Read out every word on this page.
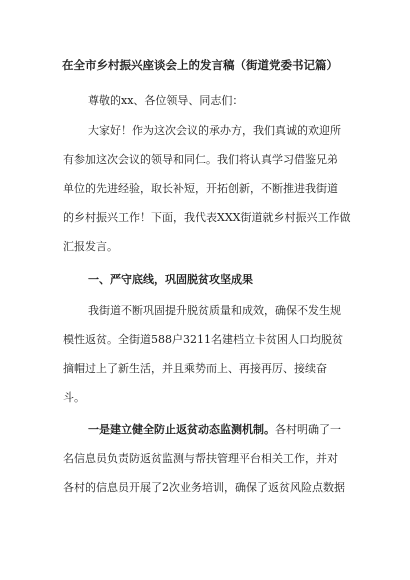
在全市乡村振兴座谈会上的发言稿（街道党委书记篇）
尊敬的xx、各位领导、同志们：
大家好！作为这次会议的承办方，我们真诚的欢迎所
有参加这次会议的领导和同仁。我们将认真学习借鉴兄弟
单位的先进经验，取长补短，开拓创新，不断推进我街道
的乡村振兴工作！下面，我代表XXX街道就乡村振兴工作做
汇报发言。
一、严守底线，巩固脱贫攻坚成果
我街道不断巩固提升脱贫质量和成效，确保不发生规
模性返贫。全街道588户3211名建档立卡贫困人口均脱贫
摘帽过上了新生活，并且乘势而上、再接再厉、接续奋
斗。
一是建立健全防止返贫动态监测机制。各村明确了一
名信息员负责防返贫监测与帮扶管理平台相关工作，并对
各村的信息员开展了2次业务培训，确保了返贫风险点数据
